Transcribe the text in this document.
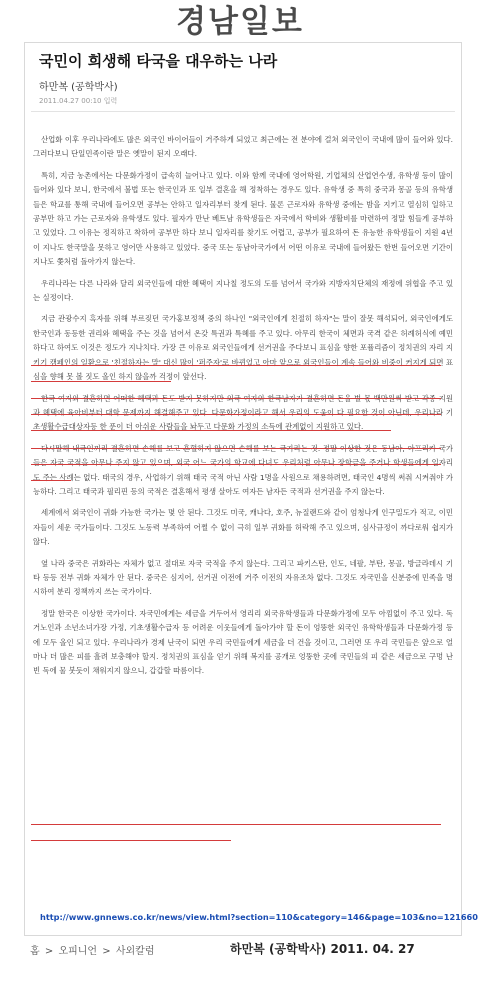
경남일보
국민이 희생해 타국을 대우하는 나라
하만복 (공학박사)
2011.04.27 00:10 입력

산업화 이후 우리나라에도 많은 외국인 바이어들이 거주하게 되었고 최근에는 전 분야에 걸쳐 외국인이 국내에 많이 들어와 있다. 그러다보니 단일민족이란 말은 옛말이 된지 오래다.

특히, 지금 농촌에서는 다문화가정이 급속히 늘어나고 있다. 이와 함께 국내에 영어학원, 기업체의 산업연수생, 유학생 등이 많이 들어와 있다 보니, 한국에서 불법 또는 한국인과 또 일부 결혼을 해 정착하는 경우도 있다. 유학생 중 특히 중국과 몽골 등의 유학생들은 학교를 통해 국내에 들어오면 공부는 안하고 일자리부터 찾게 된다. 물론 근로자와 유학생 중에는 밤을 지키고 열심히 일하고 공부만 하고 가는 근로자와 유학생도 있다. 필자가 만난 베트남 유학생들은 자국에서 학비와 생활비를 마련하여 정말 힘들게 공부하고 있었다. 그 이유는 정직하고 착하여 공부만 하다 보니 일자리를 찾기도 어렵고, 공부가 필요하여 돈 유능한 유학생들이 지원 4년이 지나도 한국말을 못하고 영어만 사용하고 있었다. 중국 또는 동남아국가에서 어떤 이유로 국내에 들어왔든 한번 들어오면 기간이 지나도 쫓처럼 돌아가지 않는다.

우리나라는 다른 나라와 달리 외국인들에 대한 혜택이 지나칠 정도의 도를 넘어서 국가와 지방자치단체의 재정에 위협을 주고 있는 실정이다.

지금 관광수지 흑자를 위해 부르짖던 국가홍보정책 중의 하나인 "외국인에게 친절히 하자"는 말이 잘못 해석되어, 외국인에게도 한국인과 동등한 권리와 혜택을 주는 것을 넘어서 온갖 특권과 특혜를 주고 있다. 아무리 한국이 체면과 국격 같은 허례허식에 예민하다고 하여도 이것은 정도가 지나치다. 가장 큰 이유로 외국인들에게 선거권을 주다보니 표심을 향한 포퓰리즘이 정치권의 자리 지키기 캠페인의 일환으로 '친절하자는 말' 대신 많이 '퍼주자'로 바뀌었고 아마 앞으로 외국인들이 계속 들어와 비중이 커지게 되면 표심을 향해 못 볼 짓도 올인 하지 않을까 걱정이 앞선다.

한국 여자와 결혼하면 어떠한 혜택과 돈도 받지 못하지만 외국 여자와 한국남자가 결혼하면 돈을 벌 몫 백만원씩 받고 각종 지원과 혜택에 육아비부터 대학 문제까지 해결해주고 있다. 다문화가정이라고 해서 우리의 도움이 다 필요한 것이 아닌데, 우리나라 기초생활수급대상자등 한 푼이 더 아쉬운 사람들을 놔두고 다문화 가정의 소득에 관계없이 지원하고 있다.

다시말해 내국인끼리 결혼하면 손해를 보고 혼혈하지 않으면 손해를 보는 국가라는 것. 정말 이상한 것은 동남아, 아프리카 국가들은 자국 국적을 아무나 주지 않고 있으며, 외국 어느 국가의 학교에 다녀도 우리처럼 아무나 장학금을 주거나 학생들에게 일자리도 주는 사례는 없다. 태국의 경우, 사업하기 위해 태국 국적 아닌 사람 1명을 사원으로 채용하려면, 태국인 4명씩 써줘 시켜줘야 가능하다. 그리고 태국과 필리핀 등의 국적은 결혼해서 평생 살아도 여자든 남자든 국적과 선거권을 주지 않는다.

세계에서 외국인이 귀화 가능한 국가는 몇 안 된다. 그것도 미국, 캐나다, 호주, 뉴질랜드와 같이 엄청나게 인구밀도가 적고, 이민자들이 세운 국가들이다. 그것도 노동력 부족하여 어쩔 수 없이 극히 일부 귀화를 허락해 주고 있으며, 심사규정이 까다로워 쉽지가 않다.

옆 나라 중국은 귀화라는 자체가 없고 절대로 자국 국적을 주지 않는다. 그리고 파키스탄, 인도, 네팔, 부탄, 몽골, 방글라데시 기타 등등 전부 귀화 자체가 안 된다. 중국은 심지어, 선거권 이전에 거주 이전의 자유조차 없다. 그것도 자국민을 신분증에 민족을 명시하여 분리 정책까지 쓰는 국가이다.

정말 한국은 이상한 국가이다. 자국민에게는 세금을 거두어서 영리리 외국유학생들과 다문화가정에 모두 아낌없이 주고 있다. 독거노인과 소년소녀가장 가정, 기초생활수급자 등 어려운 이웃들에게 돌아가야 할 돈이 엉뚱한 외국인 유학학생들과 다문화가정 등에 모두 올인 되고 있다. 우리나라가 경제 난국이 되면 우리 국민들에게 세금을 더 건을 것이고, 그러면 또 우리 국민들은 앞으로 얼마나 더 많은 피를 흘려 보충해야 할지. 정치권의 표심을 얻기 위해 복지를 공개로 엉뚱한 곳에 국민들의 피 같은 세금으로 구멍 난 빈 독에 물 붓듯이 채워지지 않으니, 갑갑할 따름이다.

http://www.gnnews.co.kr/news/view.html?section=110&category=146&page=103&no=121660
홈 > 오피니언 > 사외칼럼	하만복 (공학박사) 2011. 04. 27
